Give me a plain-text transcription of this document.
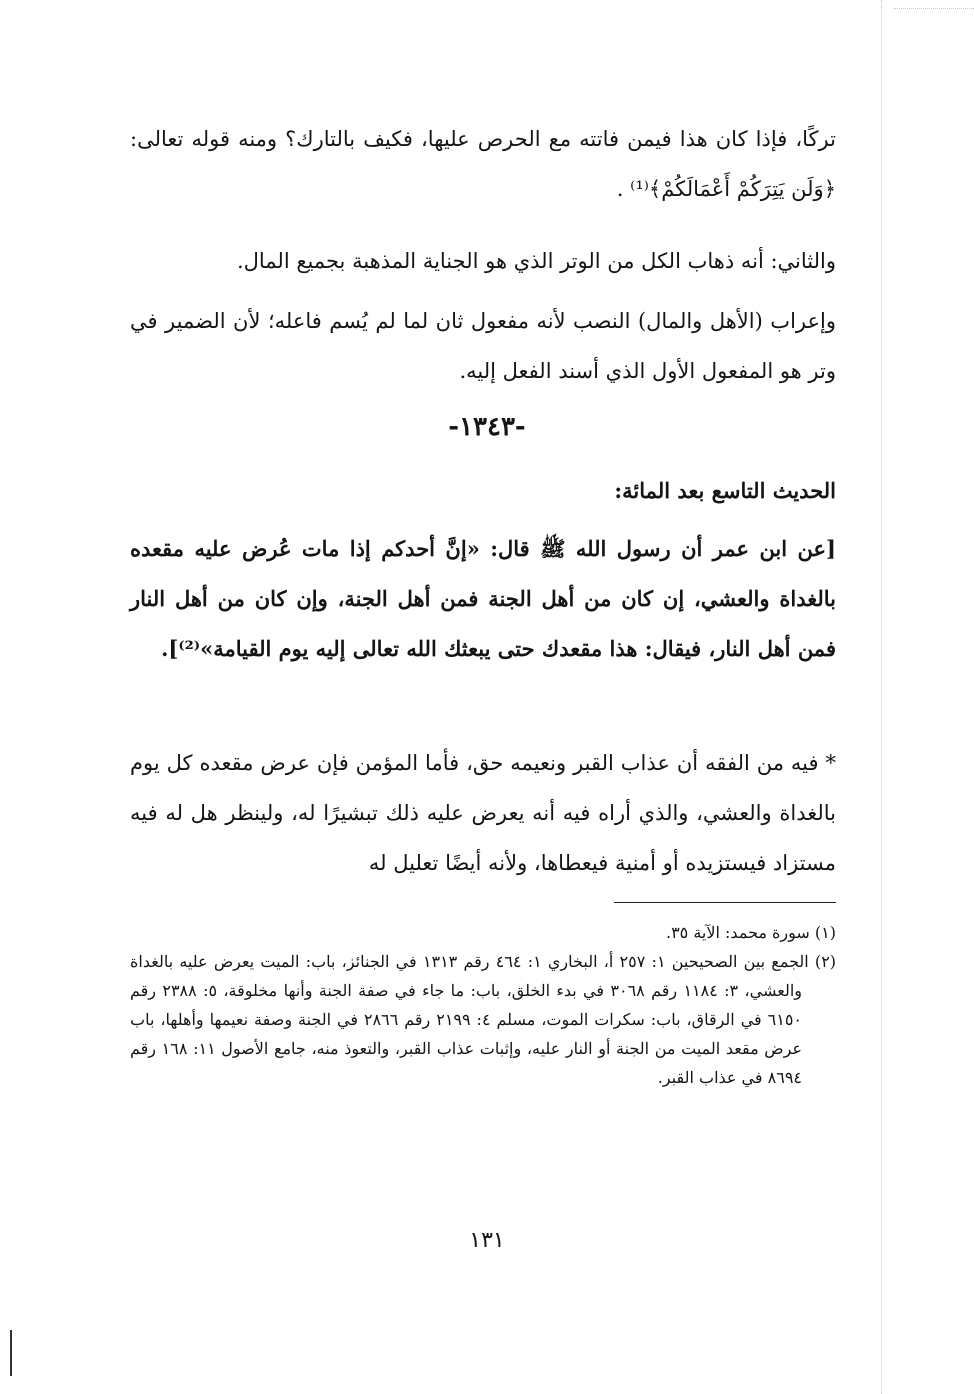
تركًا، فإذا كان هذا فيمن فاتته مع الحرص عليها، فكيف بالتارك؟ ومنه قوله تعالى: ﴿وَلَن يَتِرَكُمْ أَعْمَالَكُمْ﴾⁽¹⁾ .

والثاني: أنه ذهاب الكل من الوتر الذي هو الجناية المذهبة بجميع المال.

وإعراب (الأهل والمال) النصب لأنه مفعول ثان لما لم يُسم فاعله؛ لأن الضمير في وتر هو المفعول الأول الذي أسند الفعل إليه.

-١٣٤٣-

الحديث التاسع بعد المائة:

[عن ابن عمر أن رسول الله ﷺ قال: «إنَّ أحدكم إذا مات عُرض عليه مقعده بالغداة والعشي، إن كان من أهل الجنة فمن أهل الجنة، وإن كان من أهل النار فمن أهل النار، فيقال: هذا مقعدك حتى يبعثك الله تعالى إليه يوم القيامة»⁽²⁾].

* فيه من الفقه أن عذاب القبر ونعيمه حق، فأما المؤمن فإن عرض مقعده كل يوم بالغداة والعشي، والذي أراه فيه أنه يعرض عليه ذلك تبشيرًا له، ولينظر هل له فيه مستزاد فيستزيده أو أمنية فيعطاها، ولأنه أيضًا تعليل له

(١) سورة محمد: الآية ٣٥.
(٢) الجمع بين الصحيحين ١: ٢٥٧ أ، البخاري ١: ٤٦٤ رقم ١٣١٣ في الجنائز، باب: الميت يعرض عليه بالغداة والعشي، ٣: ١١٨٤ رقم ٣٠٦٨ في بدء الخلق، باب: ما جاء في صفة الجنة وأنها مخلوقة، ٥: ٢٣٨٨ رقم ٦١٥٠ في الرقاق، باب: سكرات الموت، مسلم ٤: ٢١٩٩ رقم ٢٨٦٦ في الجنة وصفة نعيمها وأهلها، باب عرض مقعد الميت من الجنة أو النار عليه، وإثبات عذاب القبر، والتعوذ منه، جامع الأصول ١١: ١٦٨ رقم ٨٦٩٤ في عذاب القبر.
١٣١
